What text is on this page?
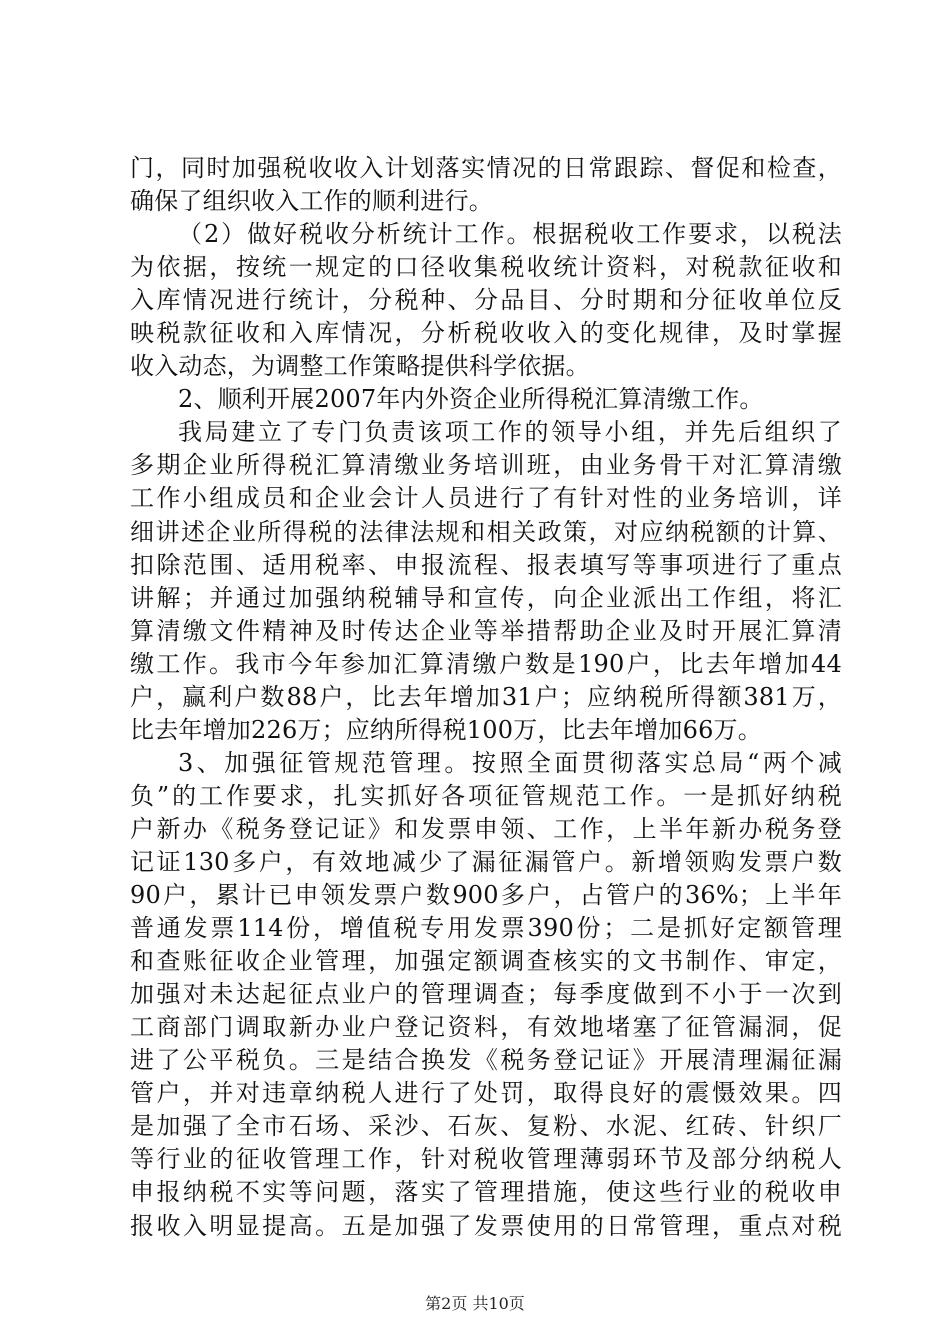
门，同时加强税收收入计划落实情况的日常跟踪、督促和检查，
确保了组织收入工作的顺利进行。
（2）做好税收分析统计工作。根据税收工作要求，以税法
为依据，按统一规定的口径收集税收统计资料，对税款征收和
入库情况进行统计，分税种、分品目、分时期和分征收单位反
映税款征收和入库情况，分析税收收入的变化规律，及时掌握
收入动态，为调整工作策略提供科学依据。
2、顺利开展2007年内外资企业所得税汇算清缴工作。
我局建立了专门负责该项工作的领导小组，并先后组织了
多期企业所得税汇算清缴业务培训班，由业务骨干对汇算清缴
工作小组成员和企业会计人员进行了有针对性的业务培训，详
细讲述企业所得税的法律法规和相关政策，对应纳税额的计算、
扣除范围、适用税率、申报流程、报表填写等事项进行了重点
讲解；并通过加强纳税辅导和宣传，向企业派出工作组，将汇
算清缴文件精神及时传达企业等举措帮助企业及时开展汇算清
缴工作。我市今年参加汇算清缴户数是190户，比去年增加44
户，赢利户数88户，比去年增加31户；应纳税所得额381万，
比去年增加226万；应纳所得税100万，比去年增加66万。
3、加强征管规范管理。按照全面贯彻落实总局“两个减
负”的工作要求，扎实抓好各项征管规范工作。一是抓好纳税
户新办《税务登记证》和发票申领、工作，上半年新办税务登
记证130多户，有效地减少了漏征漏管户。新增领购发票户数
90户，累计已申领发票户数900多户，占管户的36%；上半年
普通发票114份，增值税专用发票390份；二是抓好定额管理
和查账征收企业管理，加强定额调查核实的文书制作、审定，
加强对未达起征点业户的管理调查；每季度做到不小于一次到
工商部门调取新办业户登记资料，有效地堵塞了征管漏洞，促
进了公平税负。三是结合换发《税务登记证》开展清理漏征漏
管户，并对违章纳税人进行了处罚，取得良好的震慑效果。四
是加强了全市石场、采沙、石灰、复粉、水泥、红砖、针织厂
等行业的征收管理工作，针对税收管理薄弱环节及部分纳税人
申报纳税不实等问题，落实了管理措施，使这些行业的税收申
报收入明显提高。五是加强了发票使用的日常管理，重点对税
第2页 共10页
